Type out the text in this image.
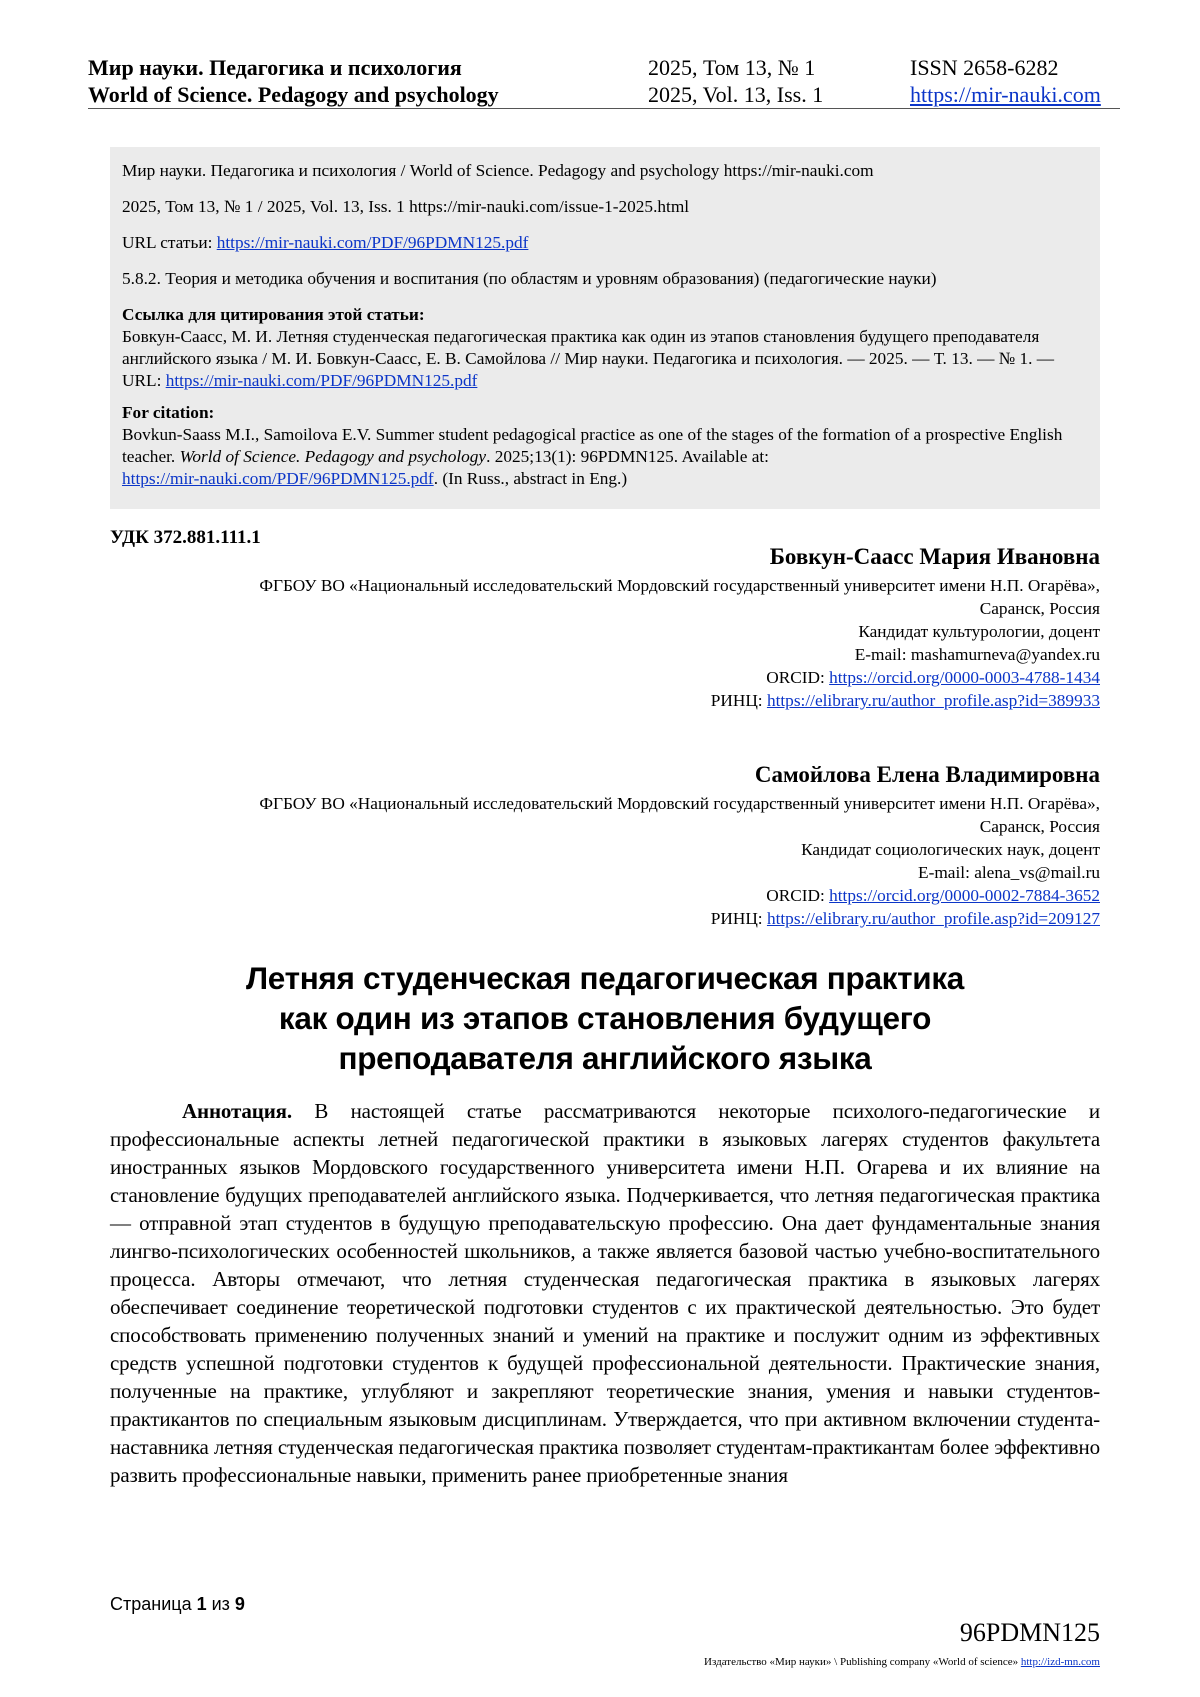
Мир науки. Педагогика и психология
World of Science. Pedagogy and psychology
2025, Том 13, № 1
2025, Vol. 13, Iss. 1
ISSN 2658-6282
https://mir-nauki.com

Мир науки. Педагогика и психология / World of Science. Pedagogy and psychology https://mir-nauki.com

2025, Том 13, № 1 / 2025, Vol. 13, Iss. 1 https://mir-nauki.com/issue-1-2025.html

URL статьи: https://mir-nauki.com/PDF/96PDMN125.pdf

5.8.2. Теория и методика обучения и воспитания (по областям и уровням образования) (педагогические науки)

Ссылка для цитирования этой статьи:
Бовкун-Саасс, М. И. Летняя студенческая педагогическая практика как один из этапов становления будущего преподавателя английского языка / М. И. Бовкун-Саасс, Е. В. Самойлова // Мир науки. Педагогика и психология. — 2025. — Т. 13. — № 1. — URL: https://mir-nauki.com/PDF/96PDMN125.pdf
For citation:
Bovkun-Saass M.I., Samoilova E.V. Summer student pedagogical practice as one of the stages of the formation of a prospective English teacher. World of Science. Pedagogy and psychology. 2025;13(1): 96PDMN125. Available at:
https://mir-nauki.com/PDF/96PDMN125.pdf. (In Russ., abstract in Eng.)
УДК 372.881.111.1
Бовкун-Саасс Мария Ивановна
ФГБОУ ВО «Национальный исследовательский Мордовский государственный университет имени Н.П. Огарёва»,
Саранск, Россия
Кандидат культурологии, доцент
E-mail: mashamurneva@yandex.ru
ORCID: https://orcid.org/0000-0003-4788-1434
РИНЦ: https://elibrary.ru/author_profile.asp?id=389933
Самойлова Елена Владимировна
ФГБОУ ВО «Национальный исследовательский Мордовский государственный университет имени Н.П. Огарёва»,
Саранск, Россия
Кандидат социологических наук, доцент
E-mail: alena_vs@mail.ru
ORCID: https://orcid.org/0000-0002-7884-3652
РИНЦ: https://elibrary.ru/author_profile.asp?id=209127
Летняя студенческая педагогическая практика
как один из этапов становления будущего
преподавателя английского языка

Аннотация. В настоящей статье рассматриваются некоторые психолого-педагогические и профессиональные аспекты летней педагогической практики в языковых лагерях студентов факультета иностранных языков Мордовского государственного университета имени Н.П. Огарева и их влияние на становление будущих преподавателей английского языка. Подчеркивается, что летняя педагогическая практика — отправной этап студентов в будущую преподавательскую профессию. Она дает фундаментальные знания лингво-психологических особенностей школьников, а также является базовой частью учебно-воспитательного процесса. Авторы отмечают, что летняя студенческая педагогическая практика в языковых лагерях обеспечивает соединение теоретической подготовки студентов с их практической деятельностью. Это будет способствовать применению полученных знаний и умений на практике и послужит одним из эффективных средств успешной подготовки студентов к будущей профессиональной деятельности. Практические знания, полученные на практике, углубляют и закрепляют теоретические знания, умения и навыки студентов-практикантов по специальным языковым дисциплинам. Утверждается, что при активном включении студента-наставника летняя студенческая педагогическая практика позволяет студентам-практикантам более эффективно развить профессиональные навыки, применить ранее приобретенные знания

Страница 1 из 9
96PDMN125
Издательство «Мир науки» \ Publishing company «World of science» http://izd-mn.com
